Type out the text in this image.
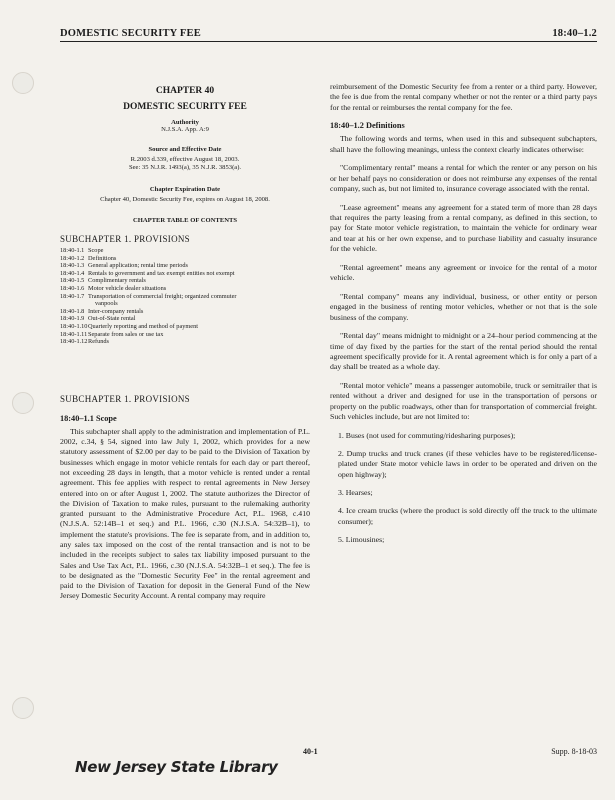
DOMESTIC SECURITY FEE	18:40–1.2
CHAPTER 40
DOMESTIC SECURITY FEE
Authority
N.J.S.A. App. A:9
Source and Effective Date
R.2003 d.339, effective August 18, 2003.
See: 35 N.J.R. 1493(a), 35 N.J.R. 3853(a).
Chapter Expiration Date
Chapter 40, Domestic Security Fee, expires on August 18, 2008.
CHAPTER TABLE OF CONTENTS
SUBCHAPTER 1. PROVISIONS
18:40-1.1 Scope
18:40-1.2 Definitions
18:40-1.3 General application; rental time periods
18:40-1.4 Rentals to government and tax exempt entities not exempt
18:40-1.5 Complimentary rentals
18:40-1.6 Motor vehicle dealer situations
18:40-1.7 Transportation of commercial freight; organized commuter
vanpools
18:40-1.8 Inter-company rentals
18:40-1.9 Out-of-State rental
18:40-1.10 Quarterly reporting and method of payment
18:40-1.11 Separate from sales or use tax
18:40-1.12 Refunds
SUBCHAPTER 1. PROVISIONS
18:40–1.1 Scope
This subchapter shall apply to the administration and implementation of P.L. 2002, c.34, § 54, signed into law July 1, 2002, which provides for a new statutory assessment of $2.00 per day to be paid to the Division of Taxation by businesses which engage in motor vehicle rentals for each day or part thereof, not exceeding 28 days in length, that a motor vehicle is rented under a rental agreement. This fee applies with respect to rental agreements in New Jersey entered into on or after August 1, 2002. The statute authorizes the Director of the Division of Taxation to make rules, pursuant to the rulemaking authority granted pursuant to the Administrative Procedure Act, P.L. 1968, c.410 (N.J.S.A. 52:14B–1 et seq.) and P.L. 1966, c.30 (N.J.S.A. 54:32B–1), to implement the statute's provisions. The fee is separate from, and in addition to, any sales tax imposed on the cost of the rental transaction and is not to be included in the receipts subject to sales tax liability imposed pursuant to the Sales and Use Tax Act, P.L. 1966, c.30 (N.J.S.A. 54:32B–1 et seq.). The fee is to be designated as the "Domestic Security Fee" in the rental agreement and paid to the Division of Taxation for deposit in the General Fund of the New Jersey Domestic Security Account. A rental company may require
reimbursement of the Domestic Security fee from a renter or a third party. However, the fee is due from the rental company whether or not the renter or a third party pays for the rental or reimburses the rental company for the fee.
18:40–1.2 Definitions
The following words and terms, when used in this and subsequent subchapters, shall have the following meanings, unless the context clearly indicates otherwise:
"Complimentary rental" means a rental for which the renter or any person on his or her behalf pays no consideration or does not reimburse any expenses of the rental company, such as, but not limited to, insurance coverage associated with the rental.
"Lease agreement" means any agreement for a stated term of more than 28 days that requires the party leasing from a rental company, as defined in this section, to pay for State motor vehicle registration, to maintain the vehicle for ordinary wear and tear at his or her own expense, and to purchase liability and casualty insurance for the vehicle.
"Rental agreement" means any agreement or invoice for the rental of a motor vehicle.
"Rental company" means any individual, business, or other entity or person engaged in the business of renting motor vehicles, whether or not that is the sole business of the company.
"Rental day" means midnight to midnight or a 24–hour period commencing at the time of day fixed by the parties for the start of the rental period should the rental agreement specifically provide for it. A rental agreement which is for only a part of a day shall be treated as a whole day.
"Rental motor vehicle" means a passenger automobile, truck or semitrailer that is rented without a driver and designed for use in the transportation of persons or property on the public roadways, other than for transportation of commercial freight. Such vehicles include, but are not limited to:
1. Buses (not used for commuting/ridesharing purposes);
2. Dump trucks and truck cranes (if these vehicles have to be registered/license-plated under State motor vehicle laws in order to be operated and driven on the open highway);
3. Hearses;
4. Ice cream trucks (where the product is sold directly off the truck to the ultimate consumer);
5. Limousines;
40-1	Supp. 8-18-03
New Jersey State Library
